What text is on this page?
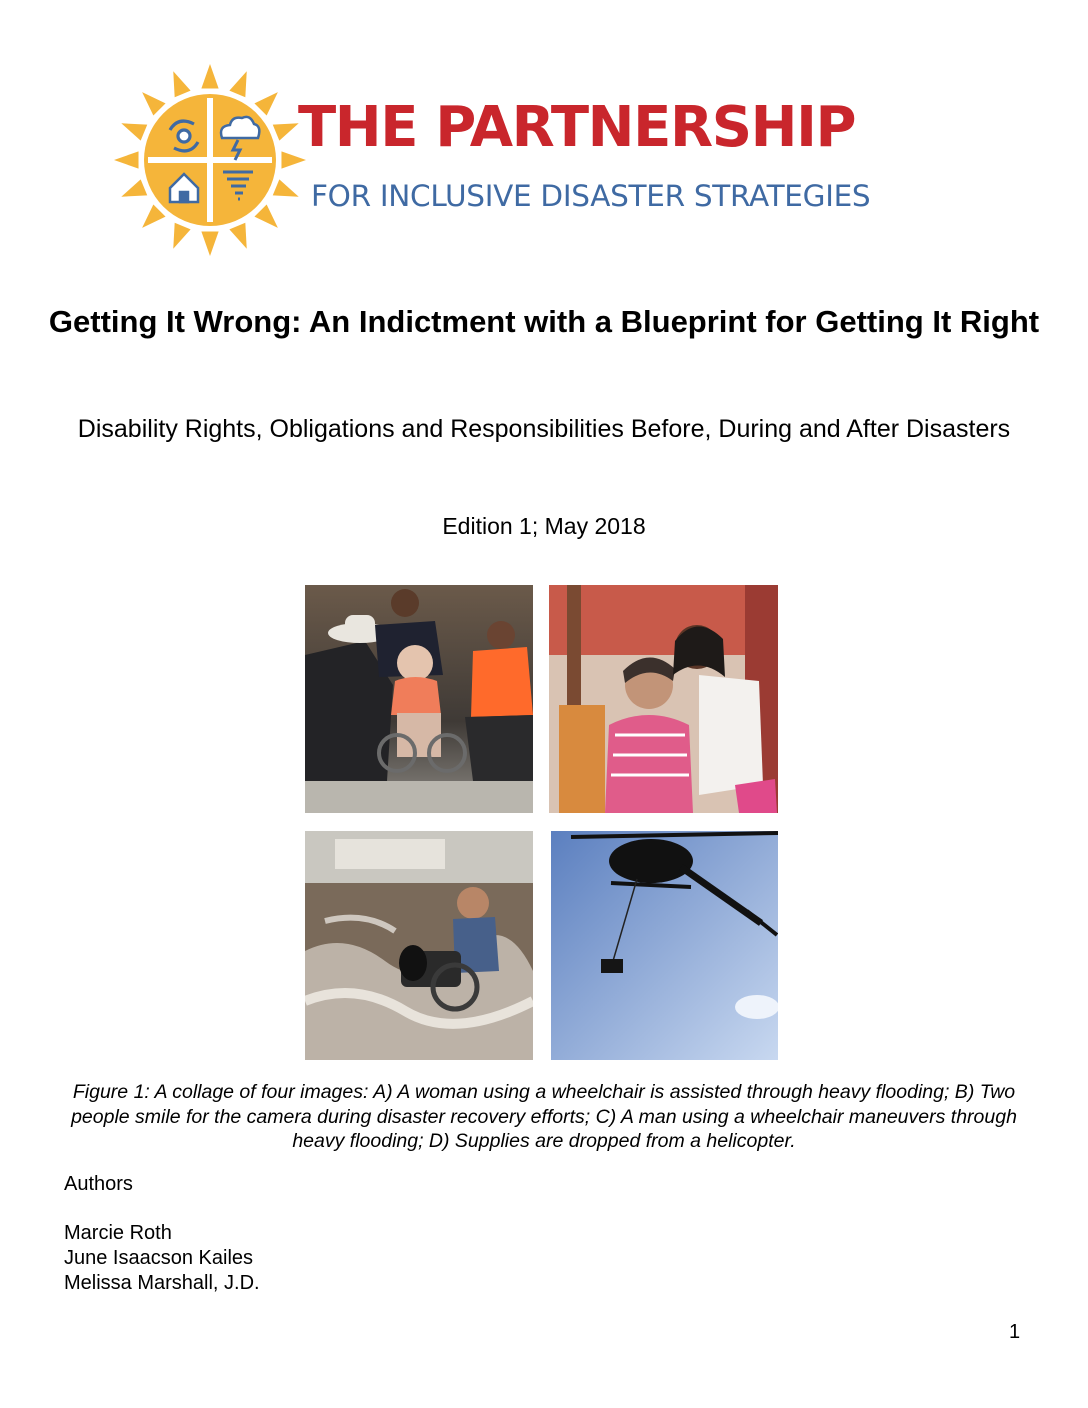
THE PARTNERSHIP
FOR INCLUSIVE DISASTER STRATEGIES
Getting It Wrong: An Indictment with a Blueprint for Getting It Right
Disability Rights, Obligations and Responsibilities Before, During and After Disasters
Edition 1; May 2018
Figure 1: A collage of four images: A) A woman using a wheelchair is assisted through heavy flooding; B) Two people smile for the camera during disaster recovery efforts; C) A man using a wheelchair maneuvers through heavy flooding; D) Supplies are dropped from a helicopter.
Authors
Marcie Roth
June Isaacson Kailes
Melissa Marshall, J.D.
1
